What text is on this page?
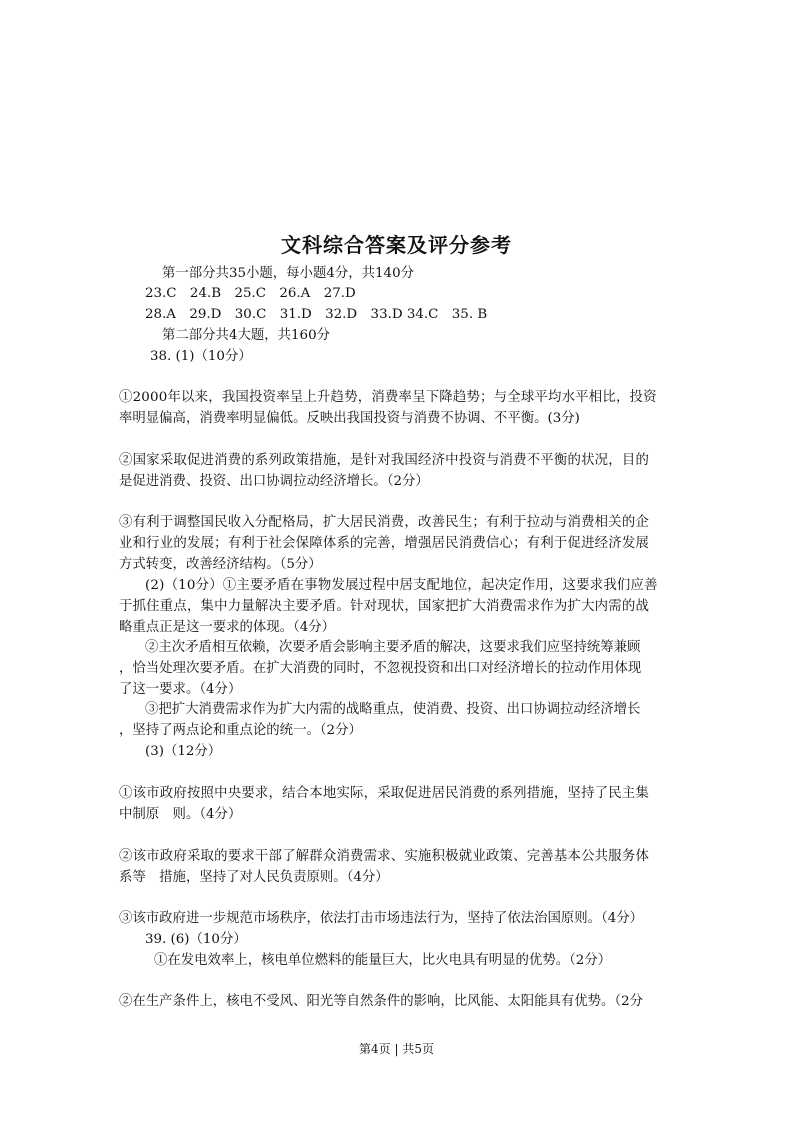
文科综合答案及评分参考
第一部分共35小题，每小题4分，共140分
23.C　24.B　25.C　26.A　27.D
28.A　29.D　30.C　31.D　32.D　33.D 34.C　35. B
第二部分共4大题，共160分
38. (1)（10分）
①2000年以来，我国投资率呈上升趋势，消费率呈下降趋势；与全球平均水平相比，投资
率明显偏高，消费率明显偏低。反映出我国投资与消费不协调、不平衡。(3分)
②国家采取促进消费的系列政策措施，是针对我国经济中投资与消费不平衡的状况，目的
是促进消费、投资、出口协调拉动经济增长。（2分）
③有利于调整国民收入分配格局，扩大居民消费，改善民生；有利于拉动与消费相关的企
业和行业的发展；有利于社会保障体系的完善，增强居民消费信心；有利于促进经济发展
方式转变，改善经济结构。（5分）
(2)（10分）①主要矛盾在事物发展过程中居支配地位，起决定作用，这要求我们应善
于抓住重点，集中力量解决主要矛盾。针对现状，国家把扩大消费需求作为扩大内需的战
略重点正是这一要求的体现。（4分）
②主次矛盾相互依赖，次要矛盾会影响主要矛盾的解决，这要求我们应坚持统筹兼顾
，恰当处理次要矛盾。在扩大消费的同时，不忽视投资和出口对经济增长的拉动作用体现
了这一要求。（4分）
③把扩大消费需求作为扩大内需的战略重点，使消费、投资、出口协调拉动经济增长
，坚持了两点论和重点论的统一。（2分）
(3)（12分）
①该市政府按照中央要求，结合本地实际，采取促进居民消费的系列措施，坚持了民主集
中制原　则。（4分）
②该市政府采取的要求干部了解群众消费需求、实施积极就业政策、完善基本公共服务体
系等　措施，坚持了对人民负责原则。（4分）
③该市政府进一步规范市场秩序，依法打击市场违法行为，坚持了依法治国原则。（4分）
39. (6)（10分）
①在发电效率上，核电单位燃料的能量巨大，比火电具有明显的优势。（2分）
②在生产条件上，核电不受风、阳光等自然条件的影响，比风能、太阳能具有优势。（2分
第4页 | 共5页
